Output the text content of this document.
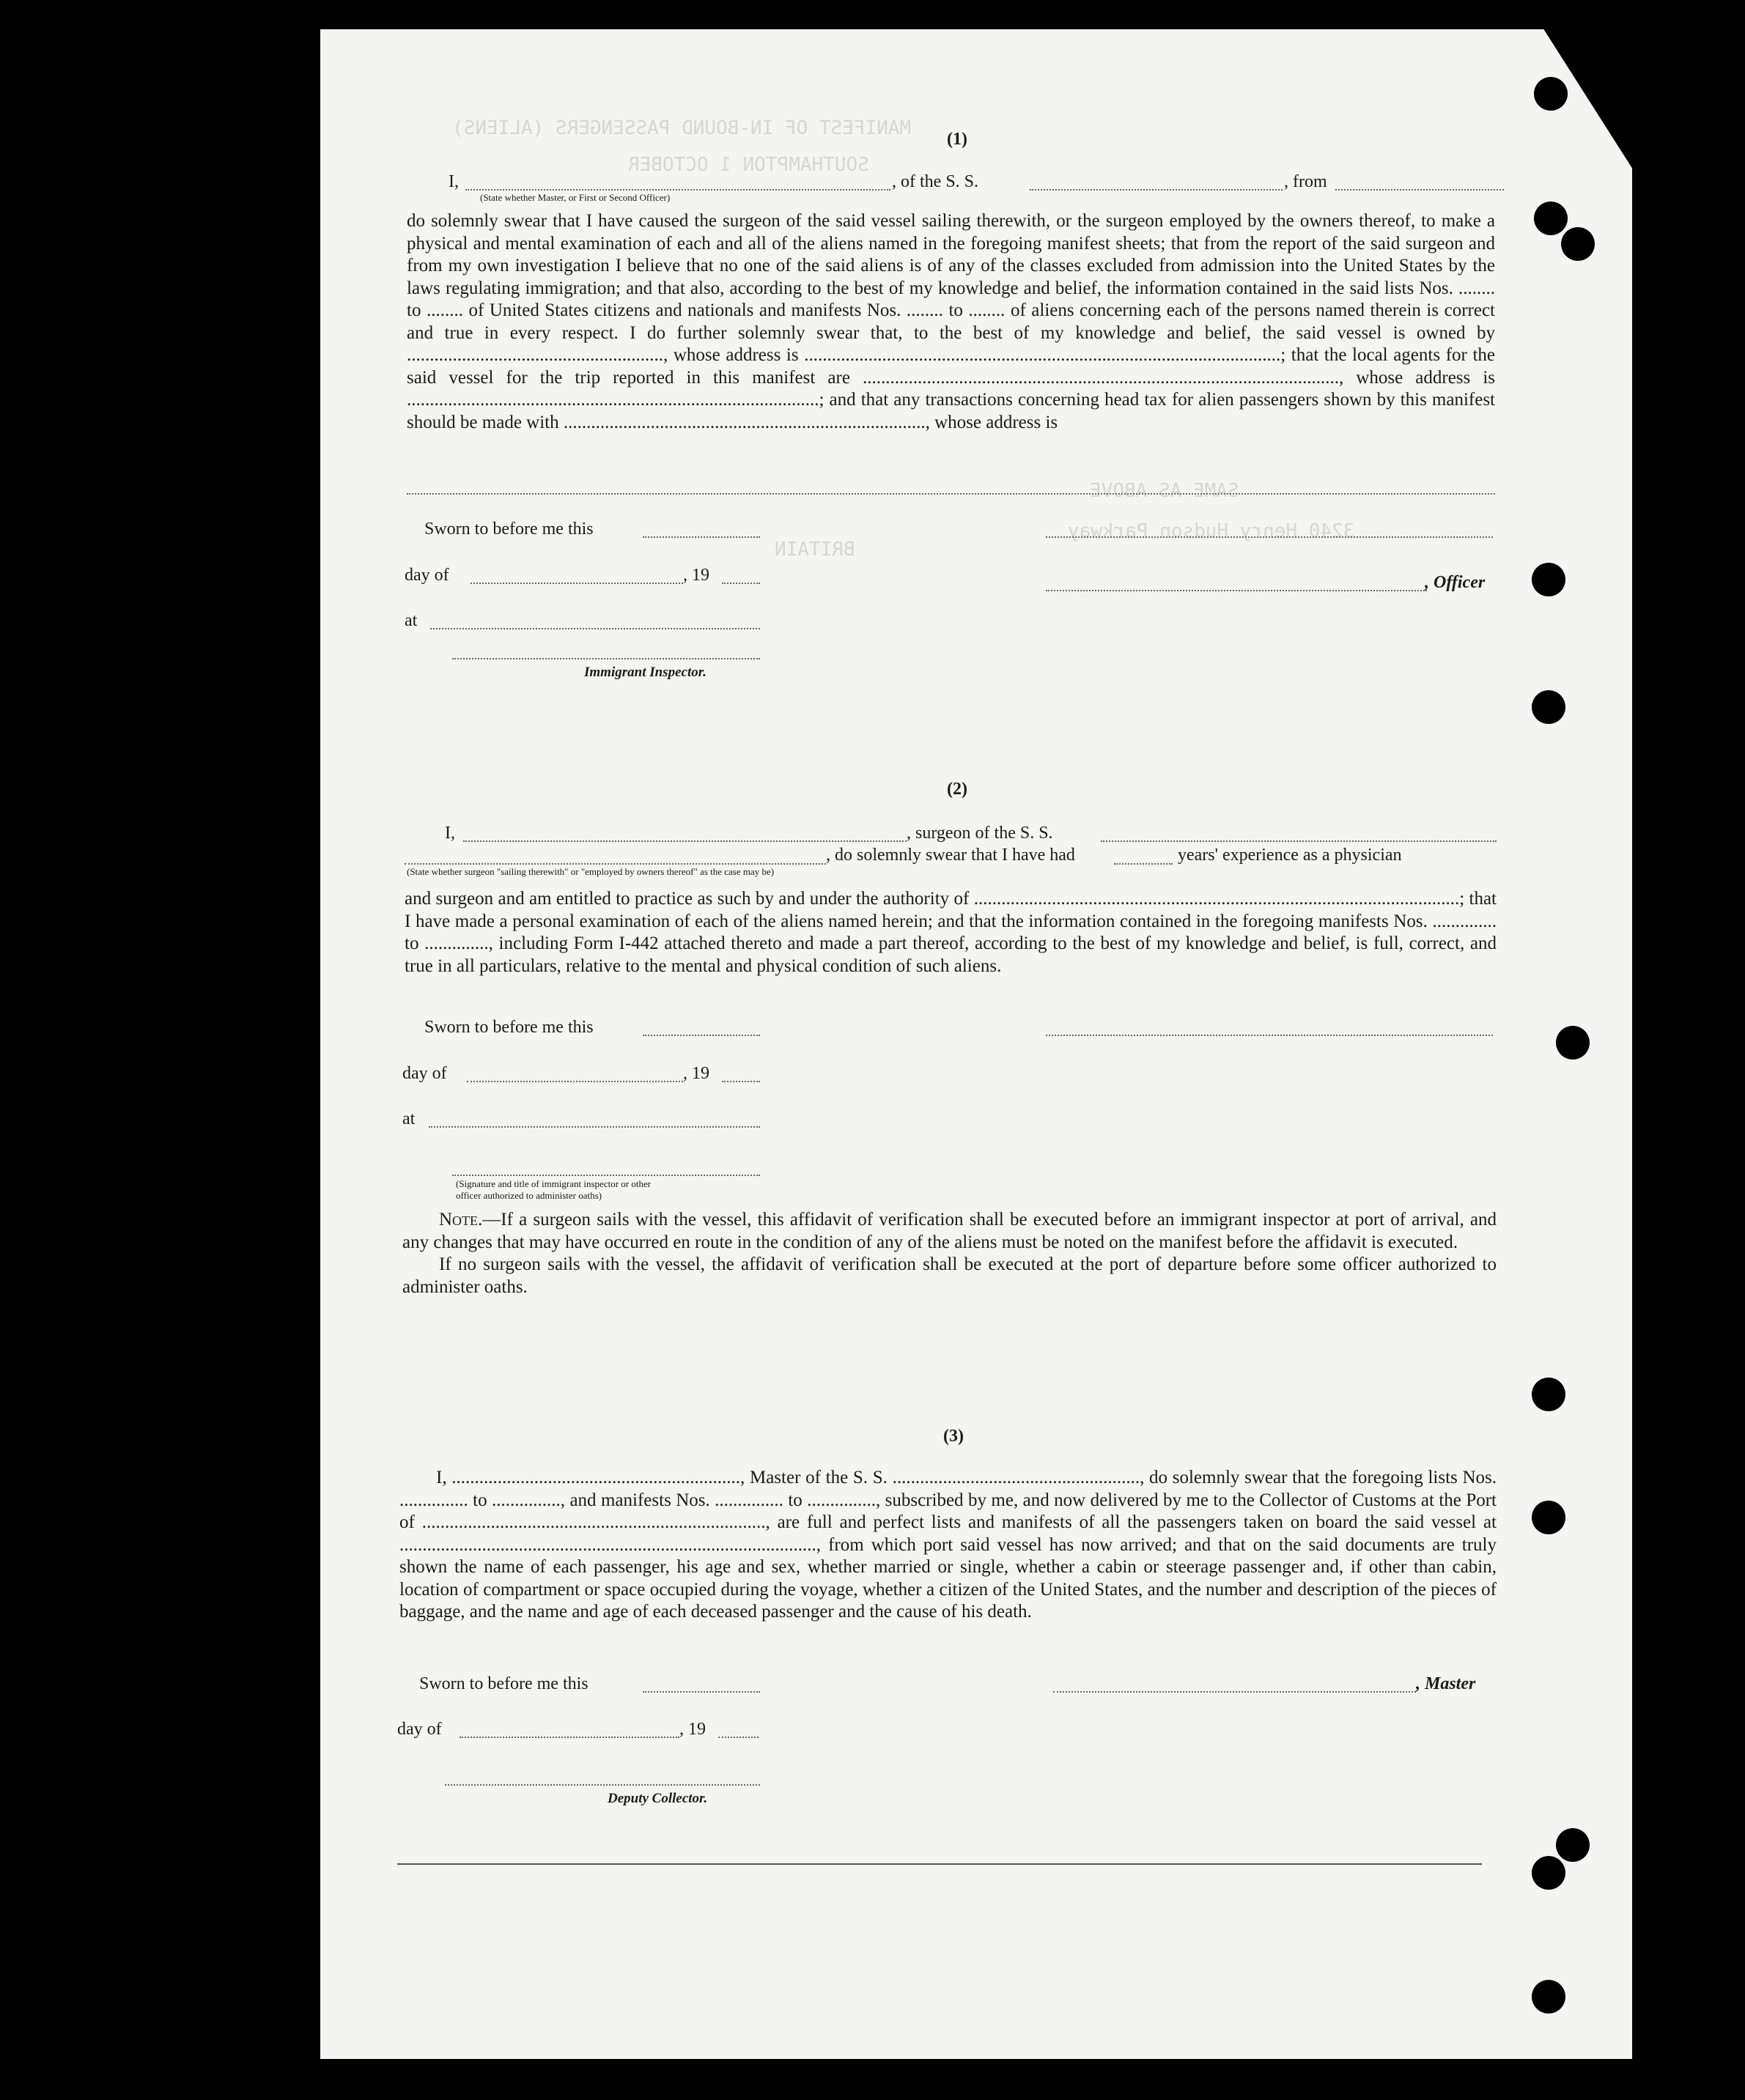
MANIFEST OF IN-BOUND PASSENGERS (ALIENS)
SOUTHAMPTON 1 OCTOBER
SAME AS ABOVE
3240 Henry Hudson Parkway
BRITAIN
(1)
I,	, of the S. S.	, from
(State whether Master, or First or Second Officer)

do solemnly swear that I have caused the surgeon of the said vessel sailing therewith, or the surgeon employed by the owners thereof, to make a physical and mental examination of each and all of the aliens named in the foregoing manifest sheets; that from the report of the said surgeon and from my own investigation I believe that no one of the said aliens is of any of the classes excluded from admission into the United States by the laws regulating immigration; and that also, according to the best of my knowledge and belief, the information contained in the said lists Nos. ........ to ........ of United States citizens and nationals and manifests Nos. ........ to ........ of aliens concerning each of the persons named therein is correct and true in every respect. I do further solemnly swear that, to the best of my knowledge and belief, the said vessel is owned by ........................................................, whose address is ........................................................................................................; that the local agents for the said vessel for the trip reported in this manifest are ........................................................................................................, whose address is ..........................................................................................; and that any transactions concerning head tax for alien passengers shown by this manifest should be made with ..............................................................................., whose address is

Sworn to before me this
day of	, 19	, Officer
at
Immigrant Inspector.
(2)
I,	, surgeon of the S. S.
, do solemnly swear that I have had	years' experience as a physician
(State whether surgeon "sailing therewith" or "employed by owners thereof" as the case may be)

and surgeon and am entitled to practice as such by and under the authority of ..........................................................................................................; that I have made a personal examination of each of the aliens named herein; and that the information contained in the foregoing manifests Nos. .............. to .............., including Form I-442 attached thereto and made a part thereof, according to the best of my knowledge and belief, is full, correct, and true in all particulars, relative to the mental and physical condition of such aliens.

Sworn to before me this
day of	, 19
at
(Signature and title of immigrant inspector or other officer authorized to administer oaths)

Note.—If a surgeon sails with the vessel, this affidavit of verification shall be executed before an immigrant inspector at port of arrival, and any changes that may have occurred en route in the condition of any of the aliens must be noted on the manifest before the affidavit is executed.

If no surgeon sails with the vessel, the affidavit of verification shall be executed at the port of departure before some officer authorized to administer oaths.

(3)

I, ..............................................................., Master of the S. S. ......................................................, do solemnly swear that the foregoing lists Nos. ............... to ..............., and manifests Nos. ............... to ..............., subscribed by me, and now delivered by me to the Collector of Customs at the Port of ..........................................................................., are full and perfect lists and manifests of all the passengers taken on board the said vessel at ..........................................................................................., from which port said vessel has now arrived; and that on the said documents are truly shown the name of each passenger, his age and sex, whether married or single, whether a cabin or steerage passenger and, if other than cabin, location of compartment or space occupied during the voyage, whether a citizen of the United States, and the number and description of the pieces of baggage, and the name and age of each deceased passenger and the cause of his death.

Sworn to before me this	, Master
day of	, 19
Deputy Collector.
